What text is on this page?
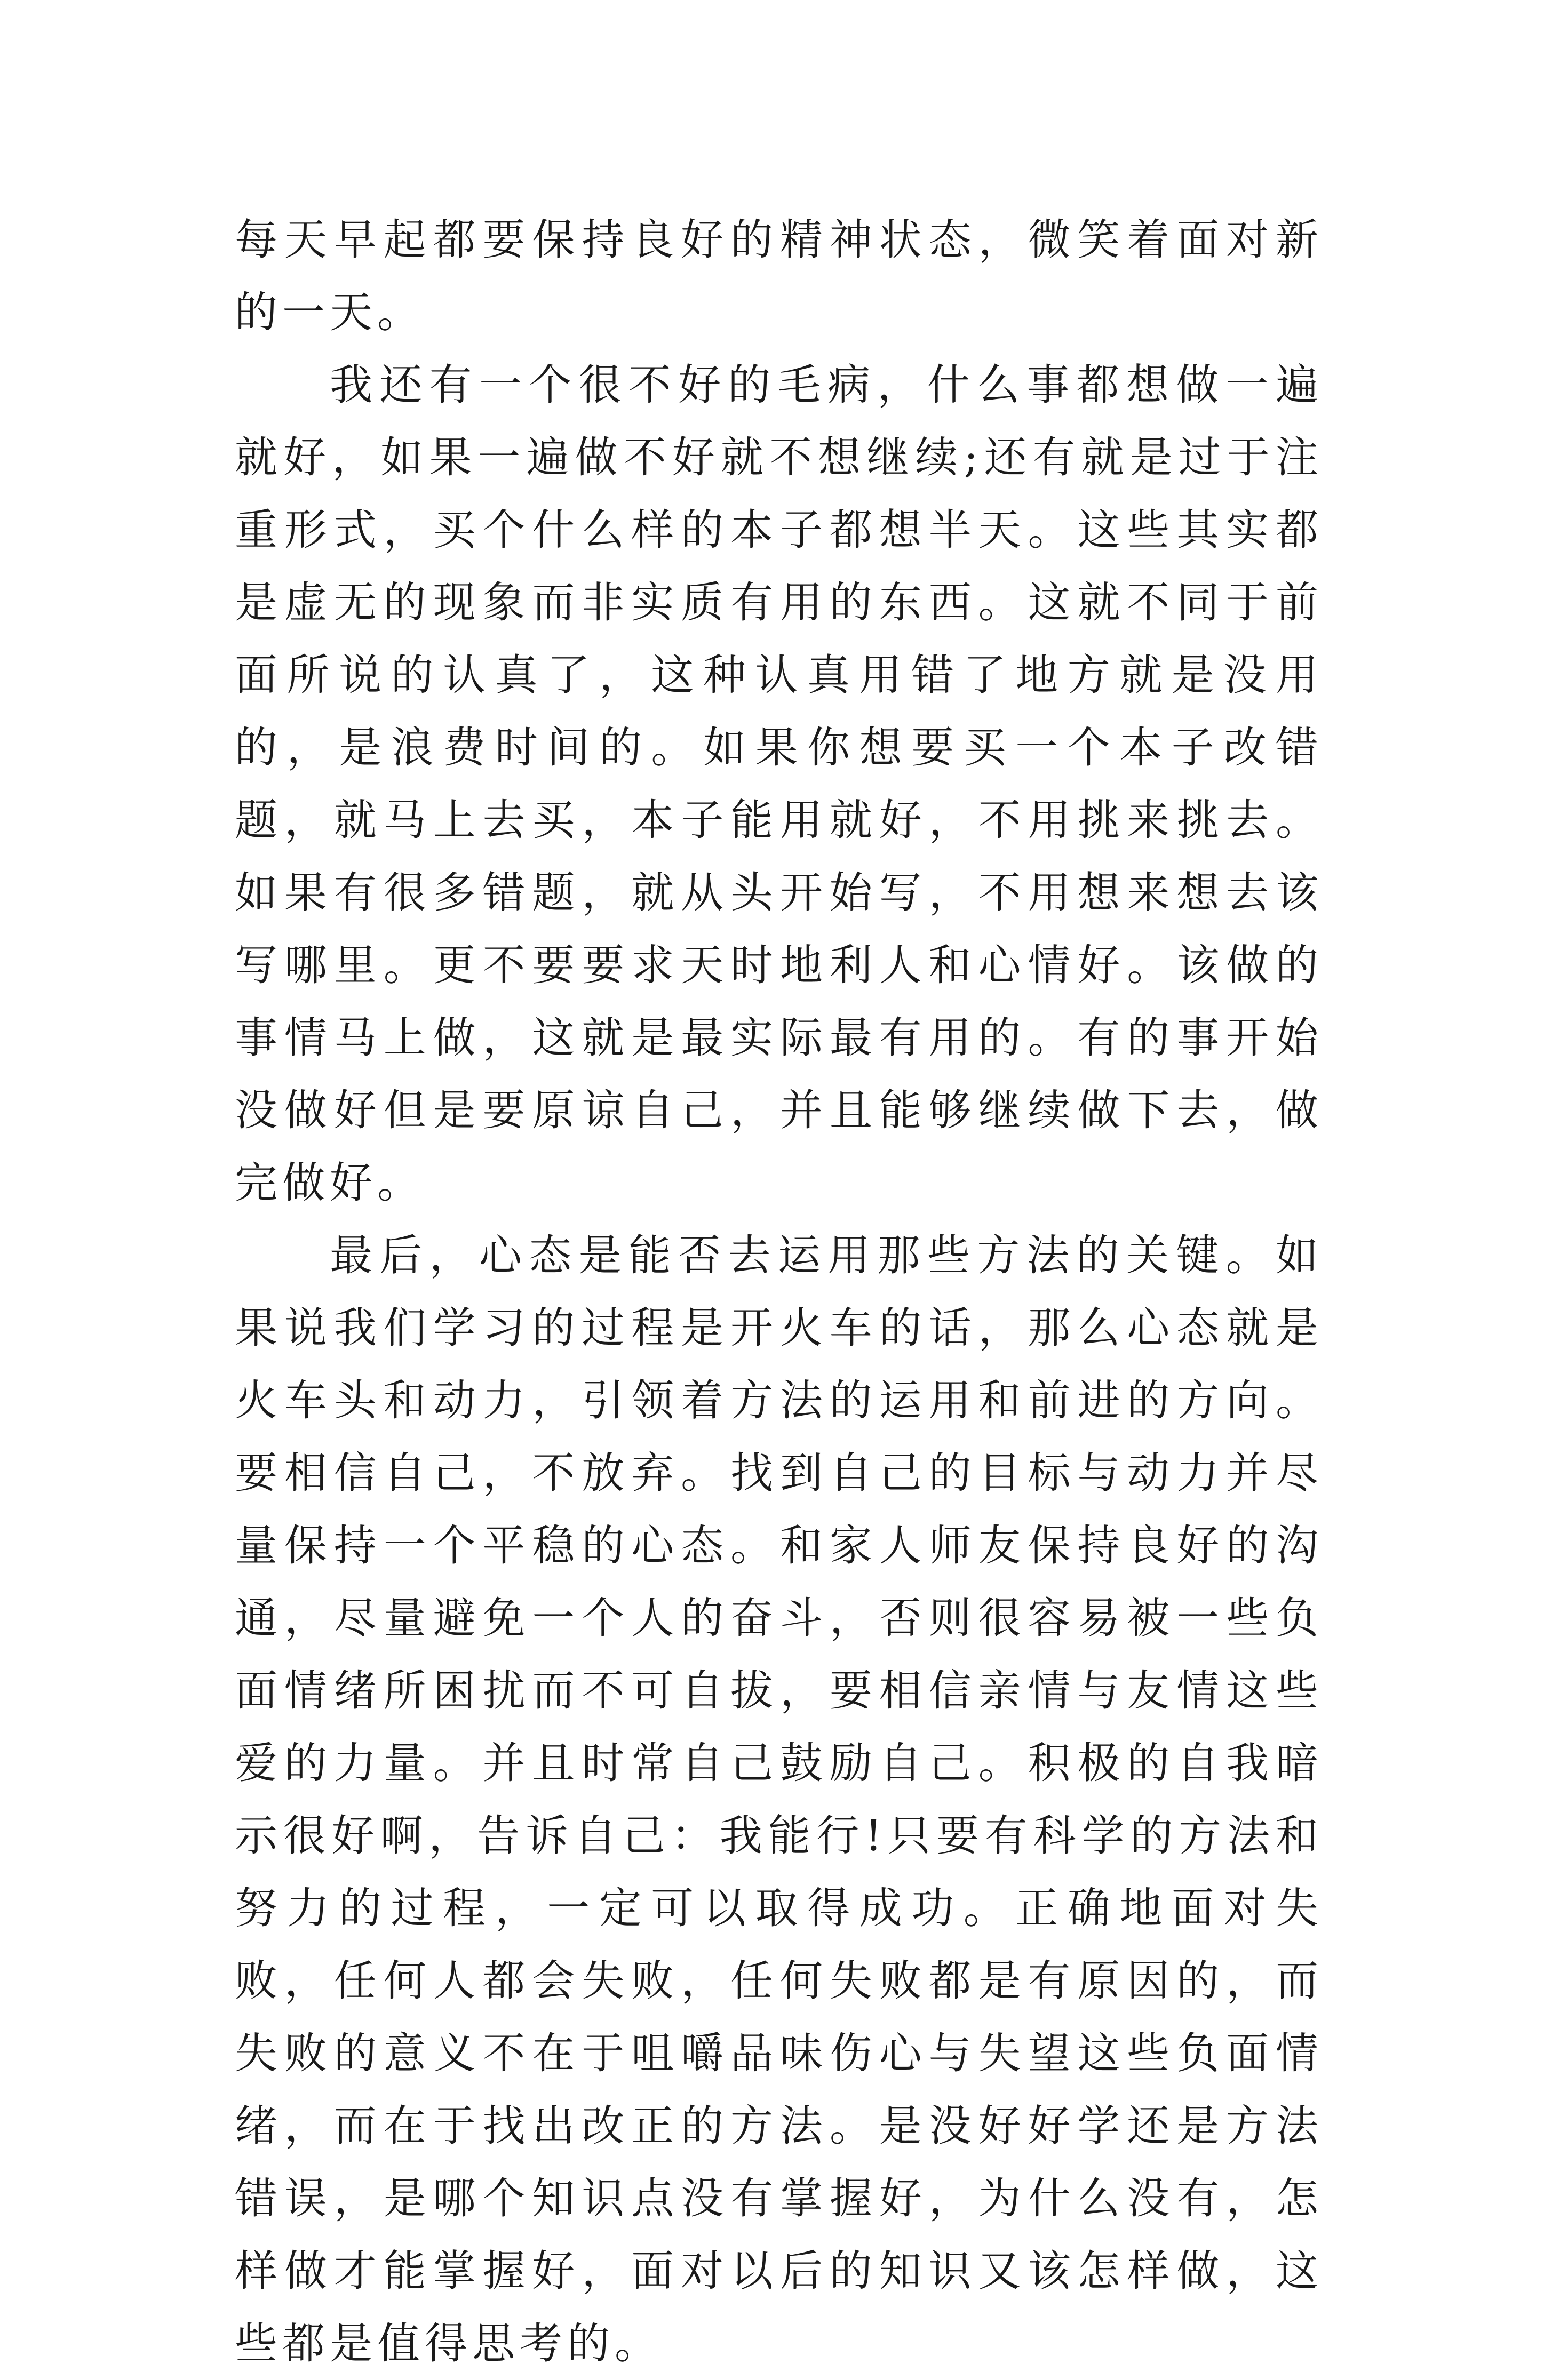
每天早起都要保持良好的精神状态，微笑着面对新的一天。

我还有一个很不好的毛病，什么事都想做一遍就好，如果一遍做不好就不想继续;还有就是过于注重形式，买个什么样的本子都想半天。这些其实都是虚无的现象而非实质有用的东西。这就不同于前面所说的认真了，这种认真用错了地方就是没用的，是浪费时间的。如果你想要买一个本子改错题，就马上去买，本子能用就好，不用挑来挑去。如果有很多错题，就从头开始写，不用想来想去该写哪里。更不要要求天时地利人和心情好。该做的事情马上做，这就是最实际最有用的。有的事开始没做好但是要原谅自己，并且能够继续做下去，做完做好。

最后，心态是能否去运用那些方法的关键。如果说我们学习的过程是开火车的话，那么心态就是火车头和动力，引领着方法的运用和前进的方向。要相信自己，不放弃。找到自己的目标与动力并尽量保持一个平稳的心态。和家人师友保持良好的沟通，尽量避免一个人的奋斗，否则很容易被一些负面情绪所困扰而不可自拔，要相信亲情与友情这些爱的力量。并且时常自己鼓励自己。积极的自我暗示很好啊，告诉自己：我能行!只要有科学的方法和努力的过程，一定可以取得成功。正确地面对失败，任何人都会失败，任何失败都是有原因的，而失败的意义不在于咀嚼品味伤心与失望这些负面情绪，而在于找出改正的方法。是没好好学还是方法错误，是哪个知识点没有掌握好，为什么没有，怎样做才能掌握好，面对以后的知识又该怎样做，这些都是值得思考的。
